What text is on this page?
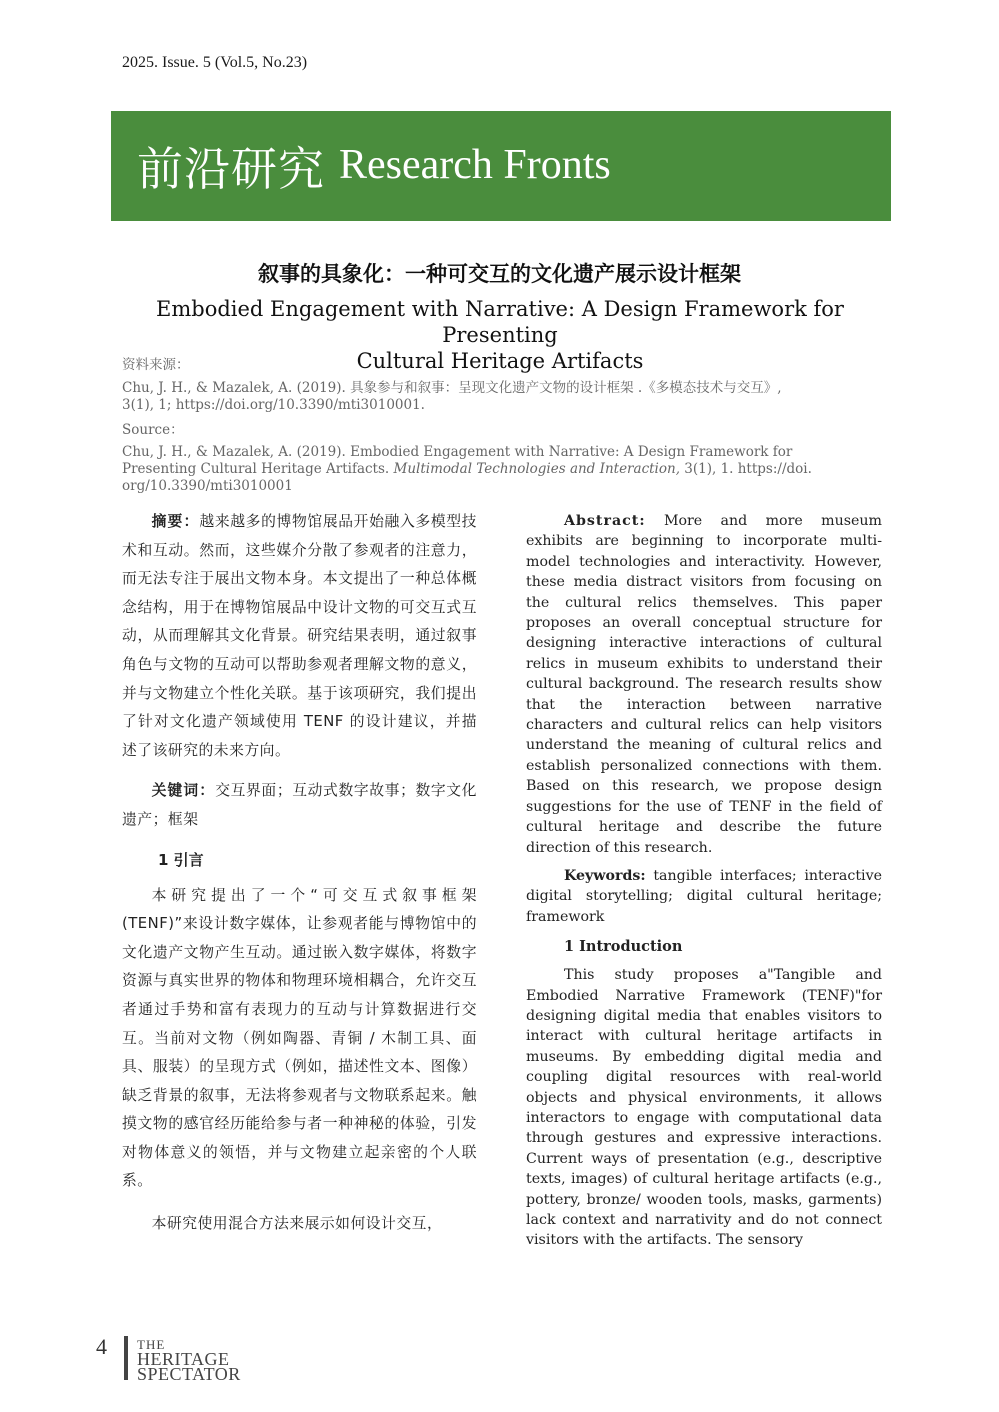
2025. Issue. 5 (Vol.5, No.23)
前沿研究 Research Fronts
叙事的具象化：一种可交互的文化遗产展示设计框架
Embodied Engagement with Narrative: A Design Framework for Presenting
Cultural Heritage Artifacts
资料来源：
Chu, J. H., & Mazalek, A. (2019). 具象参与和叙事：呈现文化遗产文物的设计框架 .《多模态技术与交互》,
3(1), 1; https://doi.org/10.3390/mti3010001.
Source：
Chu, J. H., & Mazalek, A. (2019). Embodied Engagement with Narrative: A Design Framework for
Presenting Cultural Heritage Artifacts. Multimodal Technologies and Interaction, 3(1), 1. https://doi.
org/10.3390/mti3010001

摘要：越来越多的博物馆展品开始融入多模型技术和互动。然而，这些媒介分散了参观者的注意力，而无法专注于展出文物本身。本文提出了一种总体概念结构，用于在博物馆展品中设计文物的可交互式互动，从而理解其文化背景。研究结果表明，通过叙事角色与文物的互动可以帮助参观者理解文物的意义，并与文物建立个性化关联。基于该项研究，我们提出了针对文化遗产领域使用 TENF 的设计建议，并描述了该研究的未来方向。

关键词：交互界面；互动式数字故事；数字文化遗产；框架

1 引言

本研究提出了一个“可交互式叙事框架(TENF)”来设计数字媒体，让参观者能与博物馆中的文化遗产文物产生互动。通过嵌入数字媒体，将数字资源与真实世界的物体和物理环境相耦合，允许交互者通过手势和富有表现力的互动与计算数据进行交互。当前对文物（例如陶器、青铜 / 木制工具、面具、服装）的呈现方式（例如，描述性文本、图像）缺乏背景的叙事，无法将参观者与文物联系起来。触摸文物的感官经历能给参与者一种神秘的体验，引发对物体意义的领悟，并与文物建立起亲密的个人联系。

本研究使用混合方法来展示如何设计交互，

Abstract: More and more museum exhibits are beginning to incorporate multi-model technologies and interactivity. However, these media distract visitors from focusing on the cultural relics themselves. This paper proposes an overall conceptual structure for designing interactive interactions of cultural relics in museum exhibits to understand their cultural background. The research results show that the interaction between narrative characters and cultural relics can help visitors understand the meaning of cultural relics and establish personalized connections with them. Based on this research, we propose design suggestions for the use of TENF in the field of cultural heritage and describe the future direction of this research.

Keywords: tangible interfaces; interactive digital storytelling; digital cultural heritage; framework

1 Introduction

This study proposes a"Tangible and Embodied Narrative Framework (TENF)"for designing digital media that enables visitors to interact with cultural heritage artifacts in museums. By embedding digital media and coupling digital resources with real-world objects and physical environments, it allows interactors to engage with computational data through gestures and expressive interactions. Current ways of presentation (e.g., descriptive texts, images) of cultural heritage artifacts (e.g., pottery, bronze/ wooden tools, masks, garments) lack context and narrativity and do not connect visitors with the artifacts. The sensory

4 THE
HERITAGE
SPECTATOR
